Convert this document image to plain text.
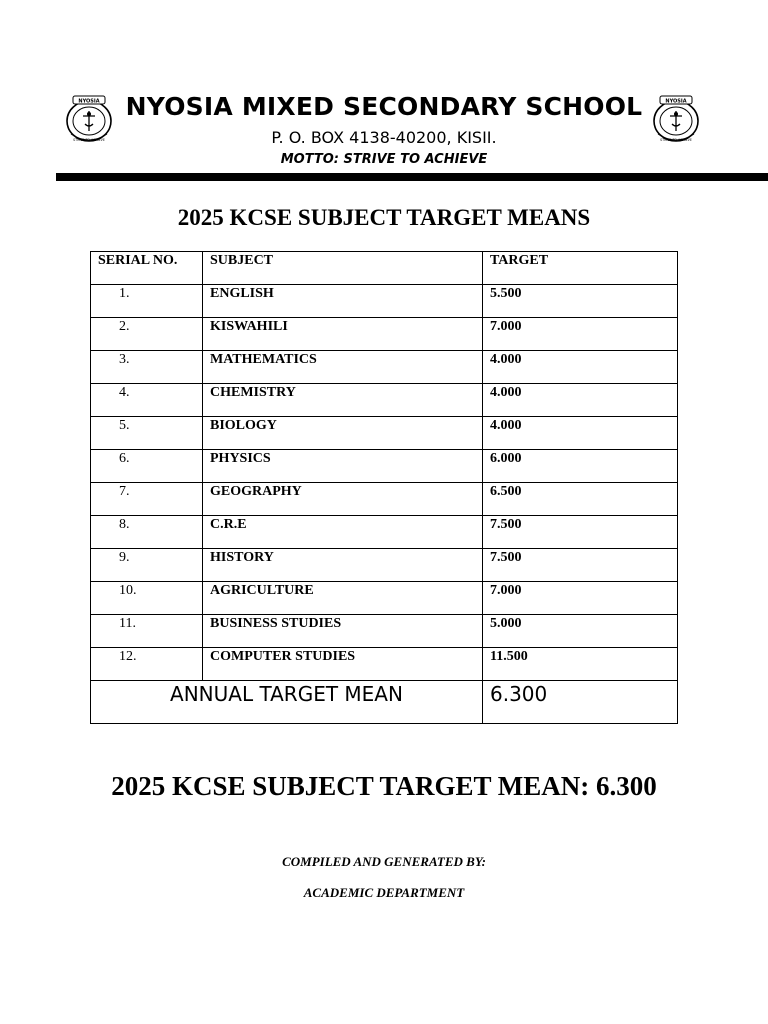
NYOSIA
STRIVE TO ACHIEVE
NYOSIA
STRIVE TO ACHIEVE
NYOSIA MIXED SECONDARY SCHOOL
P. O. BOX 4138-40200, KISII.
MOTTO: STRIVE TO ACHIEVE
2025 KCSE SUBJECT TARGET MEANS
SERIAL NO.	SUBJECT	TARGET
1.	ENGLISH	5.500
2.	KISWAHILI	7.000
3.	MATHEMATICS	4.000
4.	CHEMISTRY	4.000
5.	BIOLOGY	4.000
6.	PHYSICS	6.000
7.	GEOGRAPHY	6.500
8.	C.R.E	7.500
9.	HISTORY	7.500
10.	AGRICULTURE	7.000
11.	BUSINESS STUDIES	5.000
12.	COMPUTER STUDIES	11.500
ANNUAL TARGET MEAN		6.300
2025 KCSE SUBJECT TARGET MEAN: 6.300
COMPILED AND GENERATED BY:
ACADEMIC DEPARTMENT
